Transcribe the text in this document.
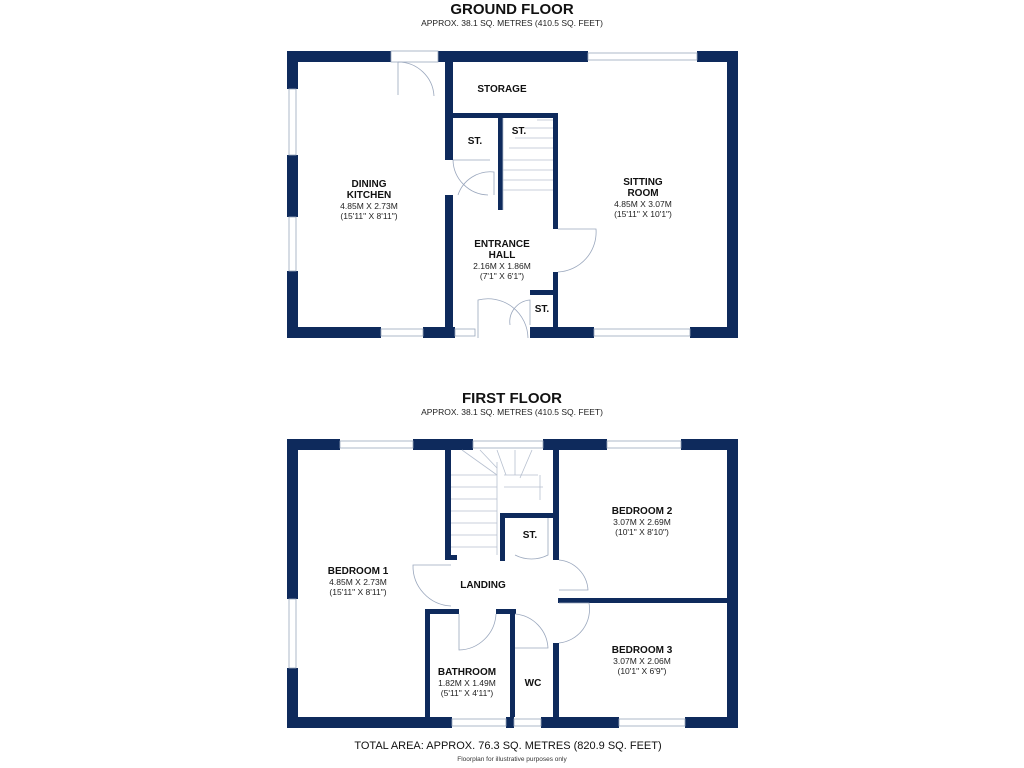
GROUND FLOOR
APPROX. 38.1 SQ. METRES (410.5 SQ. FEET)
STORAGE
DINING
KITCHEN
4.85M X 2.73M
(15'11" X 8'11")
SITTING
ROOM
4.85M X 3.07M
(15'11" X 10'1")
ENTRANCE
HALL
2.16M X 1.86M
(7'1" X 6'1")
ST.
ST.
ST.
FIRST FLOOR
APPROX. 38.1 SQ. METRES (410.5 SQ. FEET)
BEDROOM 1
4.85M X 2.73M
(15'11" X 8'11")
BEDROOM 2
3.07M X 2.69M
(10'1" X 8'10")
BEDROOM 3
3.07M X 2.06M
(10'1" X 6'9")
LANDING
ST.
BATHROOM
1.82M X 1.49M
(5'11" X 4'11")
WC
TOTAL AREA: APPROX. 76.3 SQ. METRES (820.9 SQ. FEET)
Floorplan for illustrative purposes only
